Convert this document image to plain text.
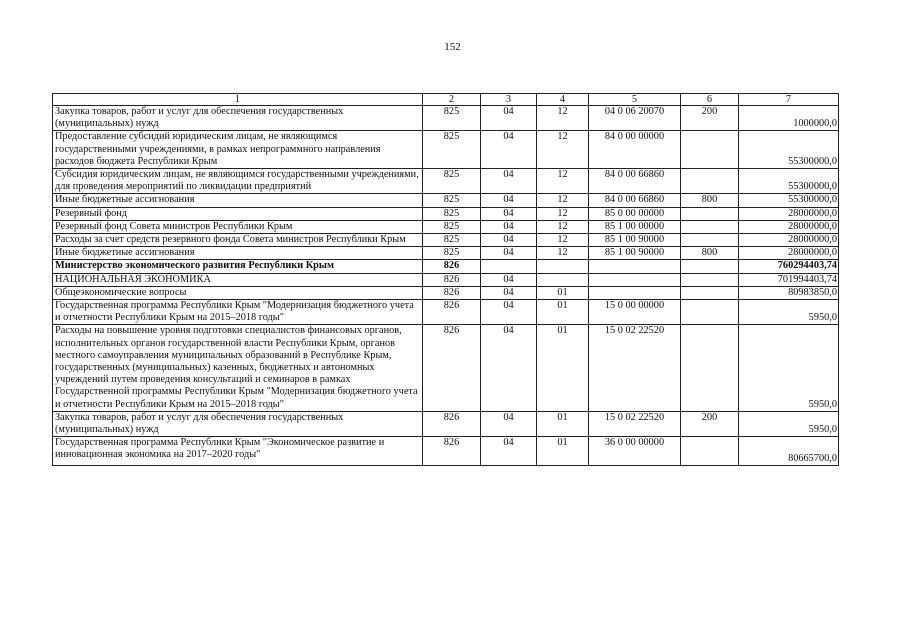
152
1	2	3	4	5	6	7
Закупка товаров, работ и услуг для обеспечения государственных (муниципальных) нужд	825	04	12	04 0 06 20070	200	1000000,0
Предоставление субсидий юридическим лицам, не являющимся государственными учреждениями, в рамках непрограммного направления расходов бюджета Республики Крым	825	04	12	84 0 00 00000		55300000,0
Субсидия юридическим лицам, не являющимся государственными учреждениями, для проведения мероприятий по ликвидации предприятий	825	04	12	84 0 00 66860		55300000,0
Иные бюджетные ассигнования	825	04	12	84 0 00 66860	800	55300000,0
Резервный фонд	825	04	12	85 0 00 00000		28000000,0
Резервный фонд Совета министров Республики Крым	825	04	12	85 1 00 00000		28000000,0
Расходы за счет средств резервного фонда Совета министров Республики Крым	825	04	12	85 1 00 90000		28000000,0
Иные бюджетные ассигнования	825	04	12	85 1 00 90000	800	28000000,0
Министерство экономического развития Республики Крым	826					760294403,74
НАЦИОНАЛЬНАЯ ЭКОНОМИКА	826	04				701994403,74
Общеэкономические вопросы	826	04	01			80983850,0
Государственная программа Республики Крым "Модернизация бюджетного учета и отчетности Республики Крым на 2015–2018 годы"	826	04	01	15 0 00 00000		5950,0
Расходы на повышение уровня подготовки специалистов финансовых органов, исполнительных органов государственной власти Республики Крым, органов местного самоуправления муниципальных образований в Республике Крым, государственных (муниципальных) казенных, бюджетных и автономных учреждений путем проведения консультаций и семинаров в рамках Государственной программы Республики Крым "Модернизация бюджетного учета и отчетности Республики Крым на 2015–2018 годы"	826	04	01	15 0 02 22520		5950,0
Закупка товаров, работ и услуг для обеспечения государственных (муниципальных) нужд	826	04	01	15 0 02 22520	200	5950,0
Государственная программа Республики Крым "Экономическое развитие и инновационная экономика на 2017–2020 годы"	826	04	01	36 0 00 00000		80665700,0
